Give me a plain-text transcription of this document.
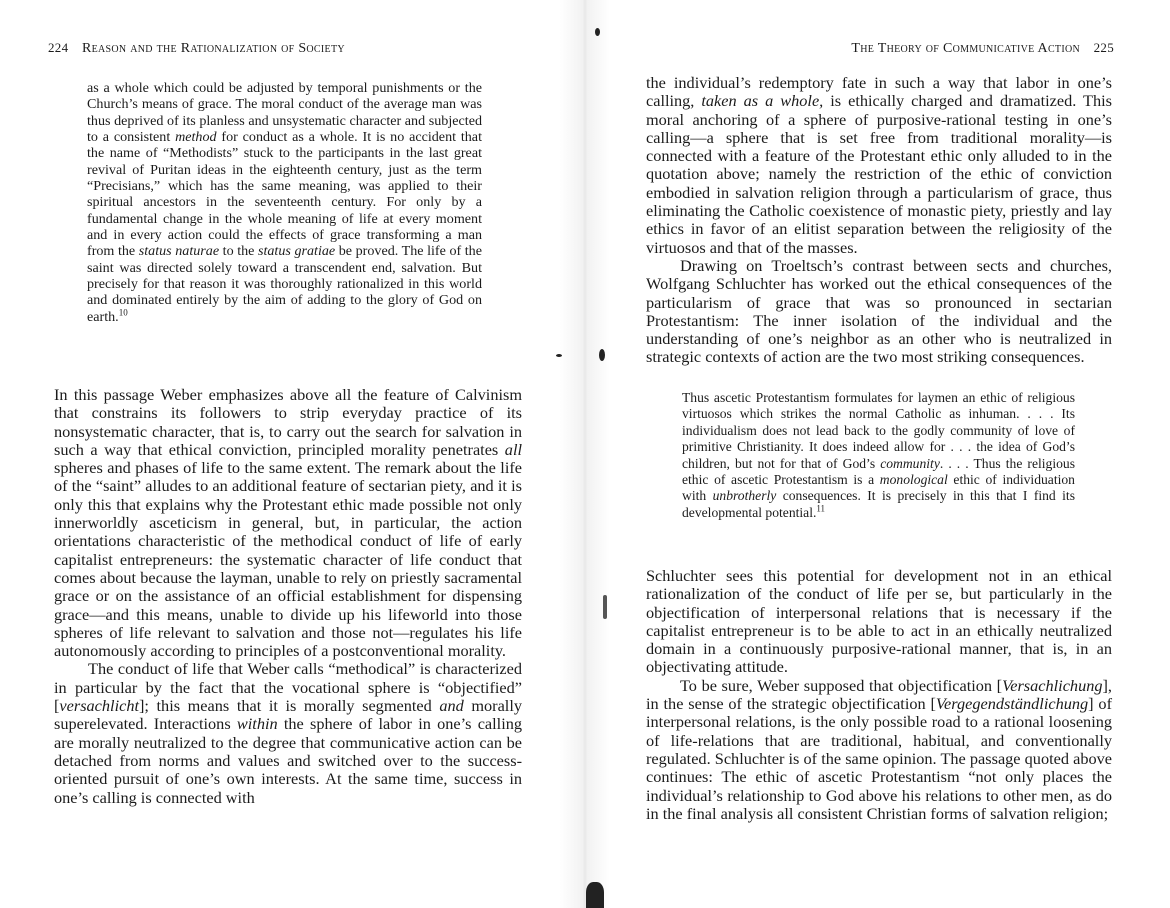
224 Reason and the Rationalization of Society

as a whole which could be adjusted by temporal punishments or the Church’s means of grace. The moral conduct of the average man was thus deprived of its planless and unsystematic character and subjected to a consistent method for conduct as a whole. It is no accident that the name of “Methodists” stuck to the participants in the last great revival of Puritan ideas in the eighteenth century, just as the term “Precisians,” which has the same meaning, was applied to their spiritual ancestors in the seventeenth century. For only by a fundamental change in the whole meaning of life at every moment and in every action could the effects of grace transforming a man from the status naturae to the status gratiae be proved. The life of the saint was directed solely toward a transcendent end, salvation. But precisely for that reason it was thoroughly rationalized in this world and dominated entirely by the aim of adding to the glory of God on earth.$^{10}$

In this passage Weber emphasizes above all the feature of Calvinism that constrains its followers to strip everyday practice of its nonsystematic character, that is, to carry out the search for salvation in such a way that ethical conviction, principled morality penetrates all spheres and phases of life to the same extent. The remark about the life of the “saint” alludes to an additional feature of sectarian piety, and it is only this that explains why the Protestant ethic made possible not only innerworldly asceticism in general, but, in particular, the action orientations characteristic of the methodical conduct of life of early capitalist entrepreneurs: the systematic character of life conduct that comes about because the layman, unable to rely on priestly sacramental grace or on the assistance of an official establishment for dispensing grace—and this means, unable to divide up his lifeworld into those spheres of life relevant to salvation and those not—regulates his life autonomously according to principles of a postconventional morality.

The conduct of life that Weber calls “methodical” is characterized in particular by the fact that the vocational sphere is “objectified” [versachlicht]; this means that it is morally segmented and morally superelevated. Interactions within the sphere of labor in one’s calling are morally neutralized to the degree that communicative action can be detached from norms and values and switched over to the success-oriented pursuit of one’s own interests. At the same time, success in one’s calling is connected with

The Theory of Communicative Action 225

the individual’s redemptory fate in such a way that labor in one’s calling, taken as a whole, is ethically charged and dramatized. This moral anchoring of a sphere of purposive-rational testing in one’s calling—a sphere that is set free from traditional morality—is connected with a feature of the Protestant ethic only alluded to in the quotation above; namely the restriction of the ethic of conviction embodied in salvation religion through a particularism of grace, thus eliminating the Catholic coexistence of monastic piety, priestly and lay ethics in favor of an elitist separation between the religiosity of the virtuosos and that of the masses.

Drawing on Troeltsch’s contrast between sects and churches, Wolfgang Schluchter has worked out the ethical consequences of the particularism of grace that was so pronounced in sectarian Protestantism: The inner isolation of the individual and the understanding of one’s neighbor as an other who is neutralized in strategic contexts of action are the two most striking consequences.

Thus ascetic Protestantism formulates for laymen an ethic of religious virtuosos which strikes the normal Catholic as inhuman. . . . Its individualism does not lead back to the godly community of love of primitive Christianity. It does indeed allow for . . . the idea of God’s children, but not for that of God’s community. . . . Thus the religious ethic of ascetic Protestantism is a monological ethic of individuation with unbrotherly consequences. It is precisely in this that I find its developmental potential.$^{11}$

Schluchter sees this potential for development not in an ethical rationalization of the conduct of life per se, but particularly in the objectification of interpersonal relations that is necessary if the capitalist entrepreneur is to be able to act in an ethically neutralized domain in a continuously purposive-rational manner, that is, in an objectivating attitude.

To be sure, Weber supposed that objectification [Versachlichung], in the sense of the strategic objectification [Vergegendständlichung] of interpersonal relations, is the only possible road to a rational loosening of life-relations that are traditional, habitual, and conventionally regulated. Schluchter is of the same opinion. The passage quoted above continues: The ethic of ascetic Protestantism “not only places the individual’s relationship to God above his relations to other men, as do in the final analysis all consistent Christian forms of salvation religion;
